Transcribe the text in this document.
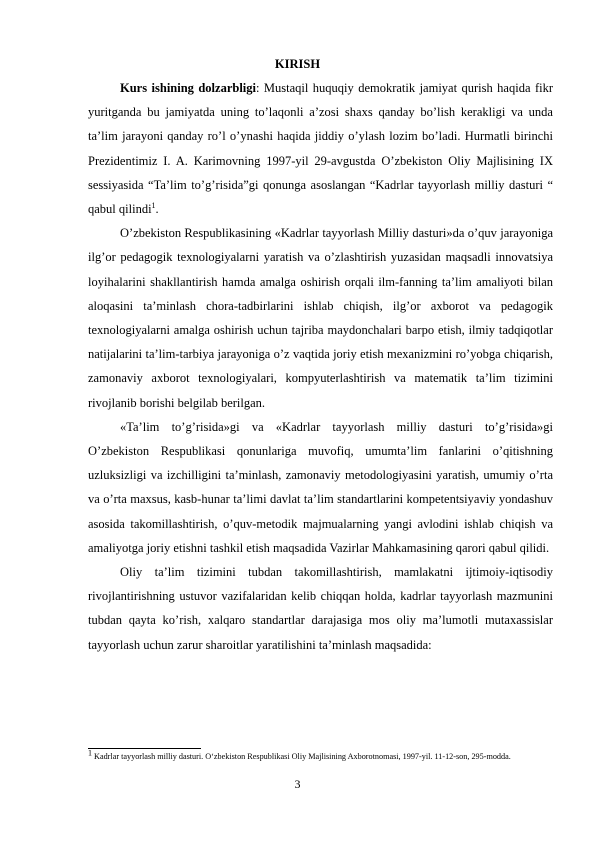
KIRISH

Kurs ishining dolzarbligi: Mustaqil huquqiy demokratik jamiyat qurish haqida fikr yuritganda bu jamiyatda uning to’laqonli a’zosi shaxs qanday bo’lish kerakligi va unda ta’lim jarayoni qanday ro’l o’ynashi haqida jiddiy o’ylash lozim bo’ladi. Hurmatli birinchi Prezidentimiz I. A. Karimovning 1997-yil 29-avgustda O’zbekiston Oliy Majlisining IX sessiyasida “Ta’lim to’g’risida”gi qonunga asoslangan “Kadrlar tayyorlash milliy dasturi “ qabul qilindi$^1$.

O’zbekiston Respublikasining «Kadrlar tayyorlash Milliy dasturi»da o’quv jarayoniga ilg’or pedagogik texnologiyalarni yaratish va o’zlashtirish yuzasidan maqsadli innovatsiya loyihalarini shakllantirish hamda amalga oshirish orqali ilm-fanning ta’lim amaliyoti bilan aloqasini ta’minlash chora-tadbirlarini ishlab chiqish, ilg’or axborot va pedagogik texnologiyalarni amalga oshirish uchun tajriba maydonchalari barpo etish, ilmiy tadqiqotlar natijalarini ta’lim-tarbiya jarayoniga o’z vaqtida joriy etish mexanizmini ro’yobga chiqarish, zamonaviy axborot texnologiyalari, kompyuterlashtirish va matematik ta’lim tizimini rivojlanib borishi belgilab berilgan.

«Ta’lim to’g’risida»gi va «Kadrlar tayyorlash milliy dasturi to’g’risida»gi O’zbekiston Respublikasi qonunlariga muvofiq, umumta’lim fanlarini o’qitishning uzluksizligi va izchilligini ta’minlash, zamonaviy metodologiyasini yaratish, umumiy o’rta va o’rta maxsus, kasb-hunar ta’limi davlat ta’lim standartlarini kompetentsiyaviy yondashuv asosida takomillashtirish, o’quv-metodik majmualarning yangi avlodini ishlab chiqish va amaliyotga joriy etishni tashkil etish maqsadida Vazirlar Mahkamasining qarori qabul qilidi.

Oliy ta’lim tizimini tubdan takomillashtirish, mamlakatni ijtimoiy-iqtisodiy rivojlantirishning ustuvor vazifalaridan kelib chiqqan holda, kadrlar tayyorlash mazmunini tubdan qayta ko’rish, xalqaro standartlar darajasiga mos oliy ma’lumotli mutaxassislar tayyorlash uchun zarur sharoitlar yaratilishini ta’minlash maqsadida:

$^1$ Kadrlar tayyorlash milliy dasturi. O‘zbekiston Respublikasi Oliy Majlisining Axborotnomasi, 1997-yil. 11-12-son, 295-modda.
3
